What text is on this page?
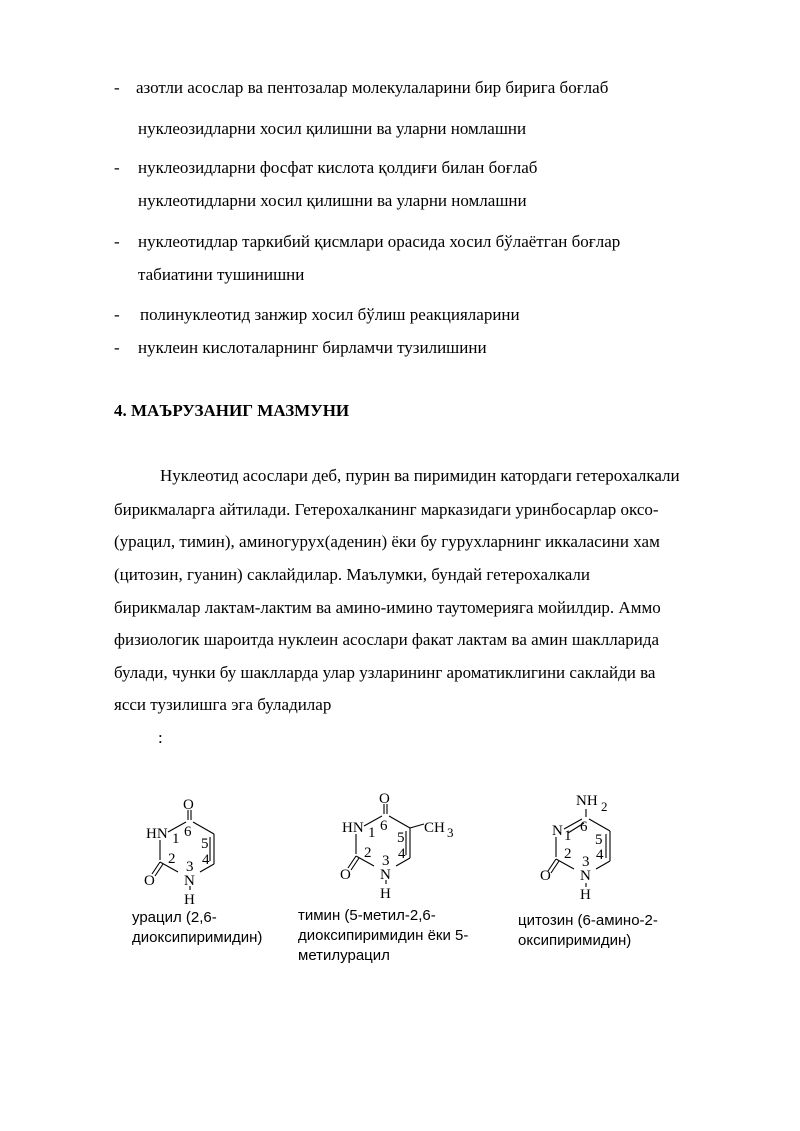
- азотли асослар ва пентозалар молекулаларини бир бирига боғлаб
нуклеозидларни хосил қилишни ва уларни номлашни
- нуклеозидларни фосфат кислота қолдиғи билан боғлаб
нуклеотидларни хосил қилишни ва уларни номлашни
- нуклеотидлар таркибий қисмлари орасида хосил бўлаётган боғлар
табиатини тушинишни
- полинуклеотид занжир хосил бўлиш реакцияларини
- нуклеин кислоталарнинг бирламчи тузилишини
4. МАЪРУЗАНИГ МАЗМУНИ
Нуклеотид асослари деб, пурин ва пиримидин катордаги гетерохалкали
бирикмаларга айтилади. Гетерохалканинг марказидаги уринбосарлар оксо-
(урацил, тимин), аминогурух(аденин) ёки бу гурухларнинг иккаласини хам
(цитозин, гуанин) саклайдилар. Маълумки, бундай гетерохалкали
бирикмалар лактам-лактим ва амино-имино таутомерияга мойилдир. Аммо
физиологик шароитда нуклеин асослари факат лактам ва амин шаклларида
булади, чунки бу шаклларда улар узларининг ароматиклигини саклайди ва
ясси тузилишга эга буладилар
:
O
HN 1 6
5
2 4
3
N
O
H
O
HN 1 6
5
CH 3
2 4
3
N
O
H
NH 2
N 1
6
5
2 4
3
N
O
H
урацил (2,6-
диоксипиримидин)
тимин (5-метил-2,6-
диоксипиримидин ёки 5-
метилурацил
цитозин (6-амино-2-
оксипиримидин)
